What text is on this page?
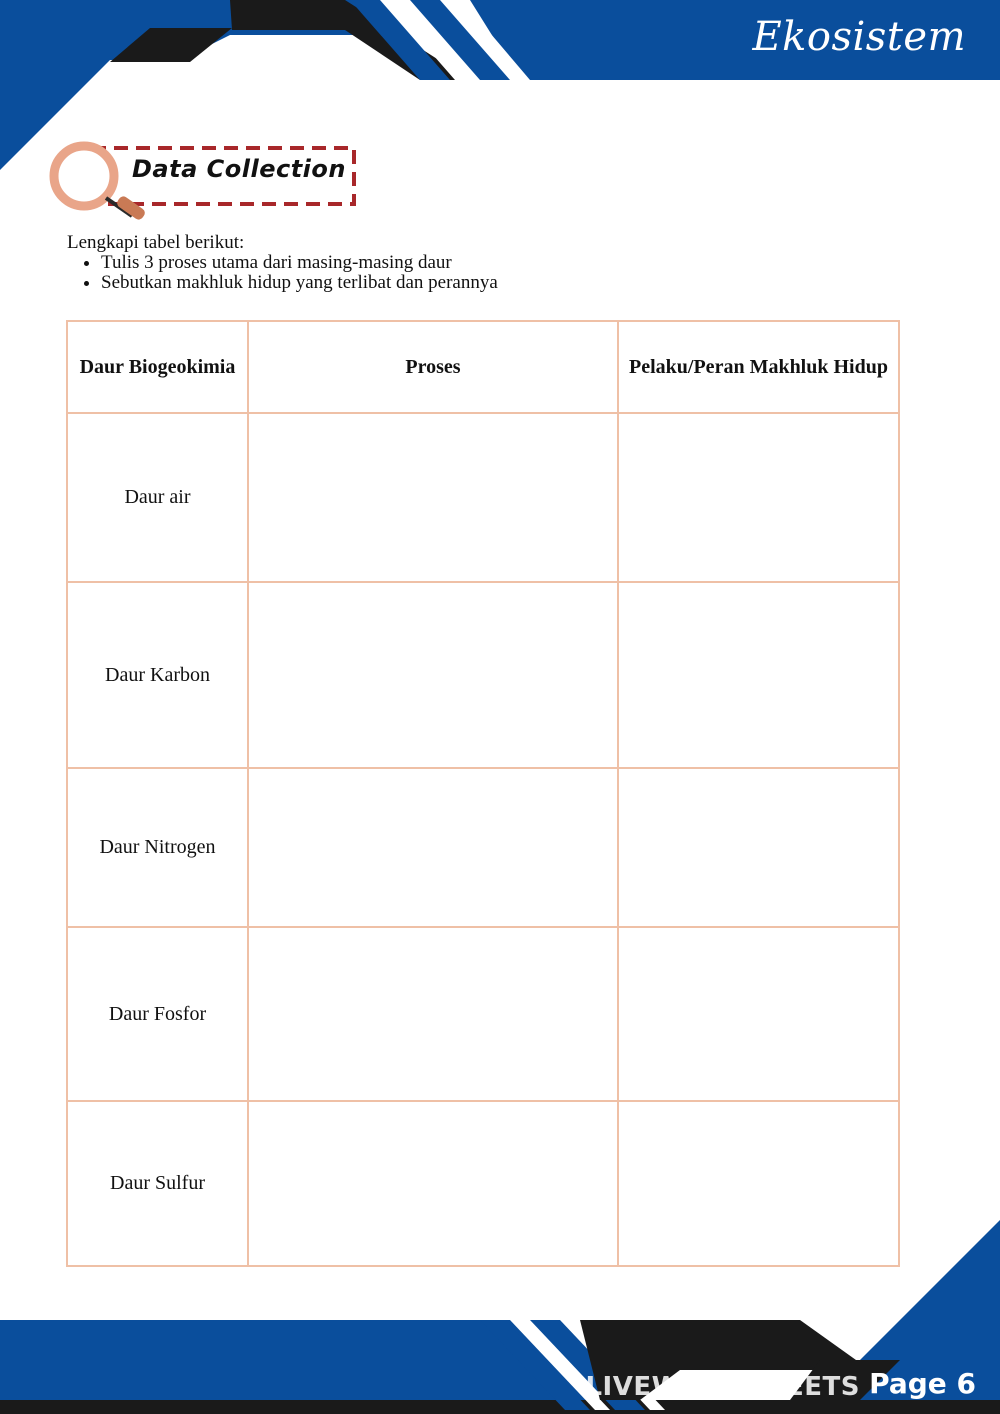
Ekosistem
Data Collection
Lengkapi tabel berikut:
• Tulis 3 proses utama dari masing-masing daur
• Sebutkan makhluk hidup yang terlibat dan perannya
Daur Biogeokimia	Proses	Pelaku/Peran Makhluk Hidup
Daur air		
Daur Karbon		
Daur Nitrogen		
Daur Fosfor		
Daur Sulfur		
LIVEWORKSHEETS Page 6
